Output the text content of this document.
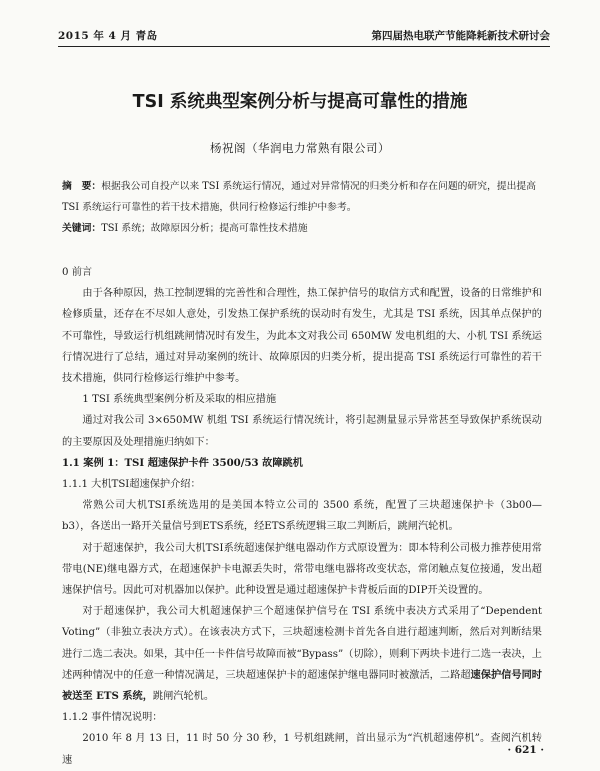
2015 年 4 月 青岛	第四届热电联产节能降耗新技术研讨会
TSI 系统典型案例分析与提高可靠性的措施
杨祝阁（华润电力常熟有限公司）
摘　要：根据我公司自投产以来 TSI 系统运行情况，通过对异常情况的归类分析和存在问题的研究，提出提高 TSI 系统运行可靠性的若干技术措施，供同行检修运行维护中参考。
关键词：TSI 系统；故障原因分析；提高可靠性技术措施

0 前言

由于各种原因，热工控制逻辑的完善性和合理性，热工保护信号的取信方式和配置，设备的日常维护和检修质量，还存在不尽如人意处，引发热工保护系统的误动时有发生，尤其是 TSI 系统，因其单点保护的不可靠性，导致运行机组跳闸情况时有发生，为此本文对我公司 650MW 发电机组的大、小机 TSI 系统运行情况进行了总结，通过对异动案例的统计、故障原因的归类分析，提出提高 TSI 系统运行可靠性的若干技术措施，供同行检修运行维护中参考。

1 TSI 系统典型案例分析及采取的相应措施

通过对我公司 3×650MW 机组 TSI 系统运行情况统计，将引起测量显示异常甚至导致保护系统误动的主要原因及处理措施归纳如下：

1.1 案例 1：TSI 超速保护卡件 3500/53 故障跳机

1.1.1 大机TSI超速保护介绍：

常熟公司大机TSI系统选用的是美国本特立公司的 3500 系统，配置了三块超速保护卡（3b00—b3），各送出一路开关量信号到ETS系统，经ETS系统逻辑三取二判断后，跳闸汽轮机。

对于超速保护，我公司大机TSI系统超速保护继电器动作方式原设置为：即本特利公司极力推荐使用常带电(NE)继电器方式，在超速保护卡电源丢失时，常带电继电器将改变状态，常闭触点复位接通，发出超速保护信号。因此可对机器加以保护。此种设置是通过超速保护卡背板后面的DIP开关设置的。

对于超速保护，我公司大机超速保护三个超速保护信号在 TSI 系统中表决方式采用了“Dependent Voting”（非独立表决方式）。在该表决方式下，三块超速检测卡首先各自进行超速判断，然后对判断结果进行二选二表决。如果，其中任一卡件信号故障而被“Bypass”（切除），则剩下两块卡进行二选一表决，上述两种情况中的任意一种情况满足，三块超速保护卡的超速保护继电器同时被激活，二路超速保护信号同时被送至 ETS 系统，跳闸汽轮机。

1.1.2 事件情况说明：

2010 年 8 月 13 日，11 时 50 分 30 秒，1 号机组跳闸，首出显示为“汽机超速停机”。查阅汽机转速

· 621 ·
